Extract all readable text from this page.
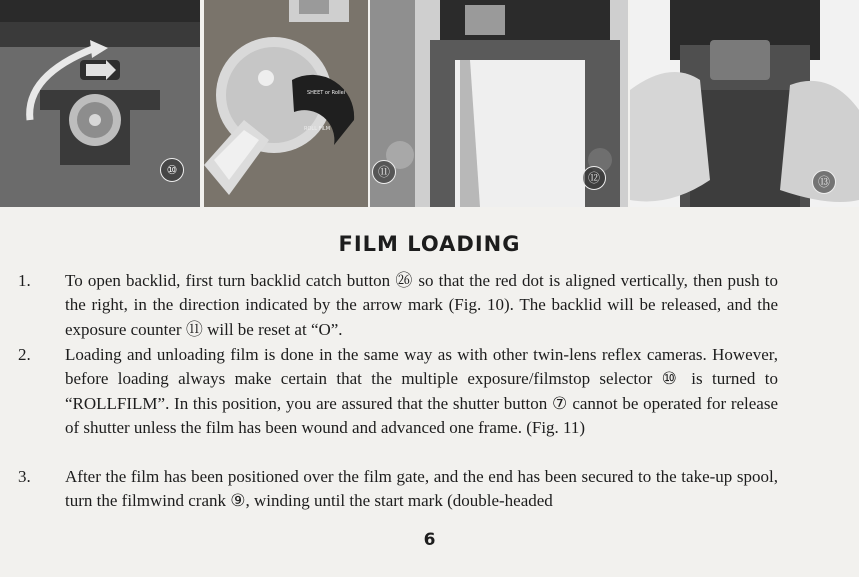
⑩
SHEET or Rollei
ROLL FILM
⑫	⑬
⑪
FILM LOADING
1. To open backlid, first turn backlid catch button ㉖ so that the red dot is aligned vertically, then push to the right, in the direction indicated by the arrow mark (Fig. 10). The backlid will be released, and the exposure counter ⑪ will be reset at “O”.
2. Loading and unloading film is done in the same way as with other twin-lens reflex cameras. However, before loading always make certain that the multiple exposure/filmstop selector ⑩ is turned to “ROLLFILM”. In this position, you are assured that the shutter button ⑦ cannot be operated for release of shutter unless the film has been wound and advanced one frame. (Fig. 11)
3. After the film has been positioned over the film gate, and the end has been secured to the take-up spool, turn the filmwind crank ⑨, winding until the start mark (double-headed
6
